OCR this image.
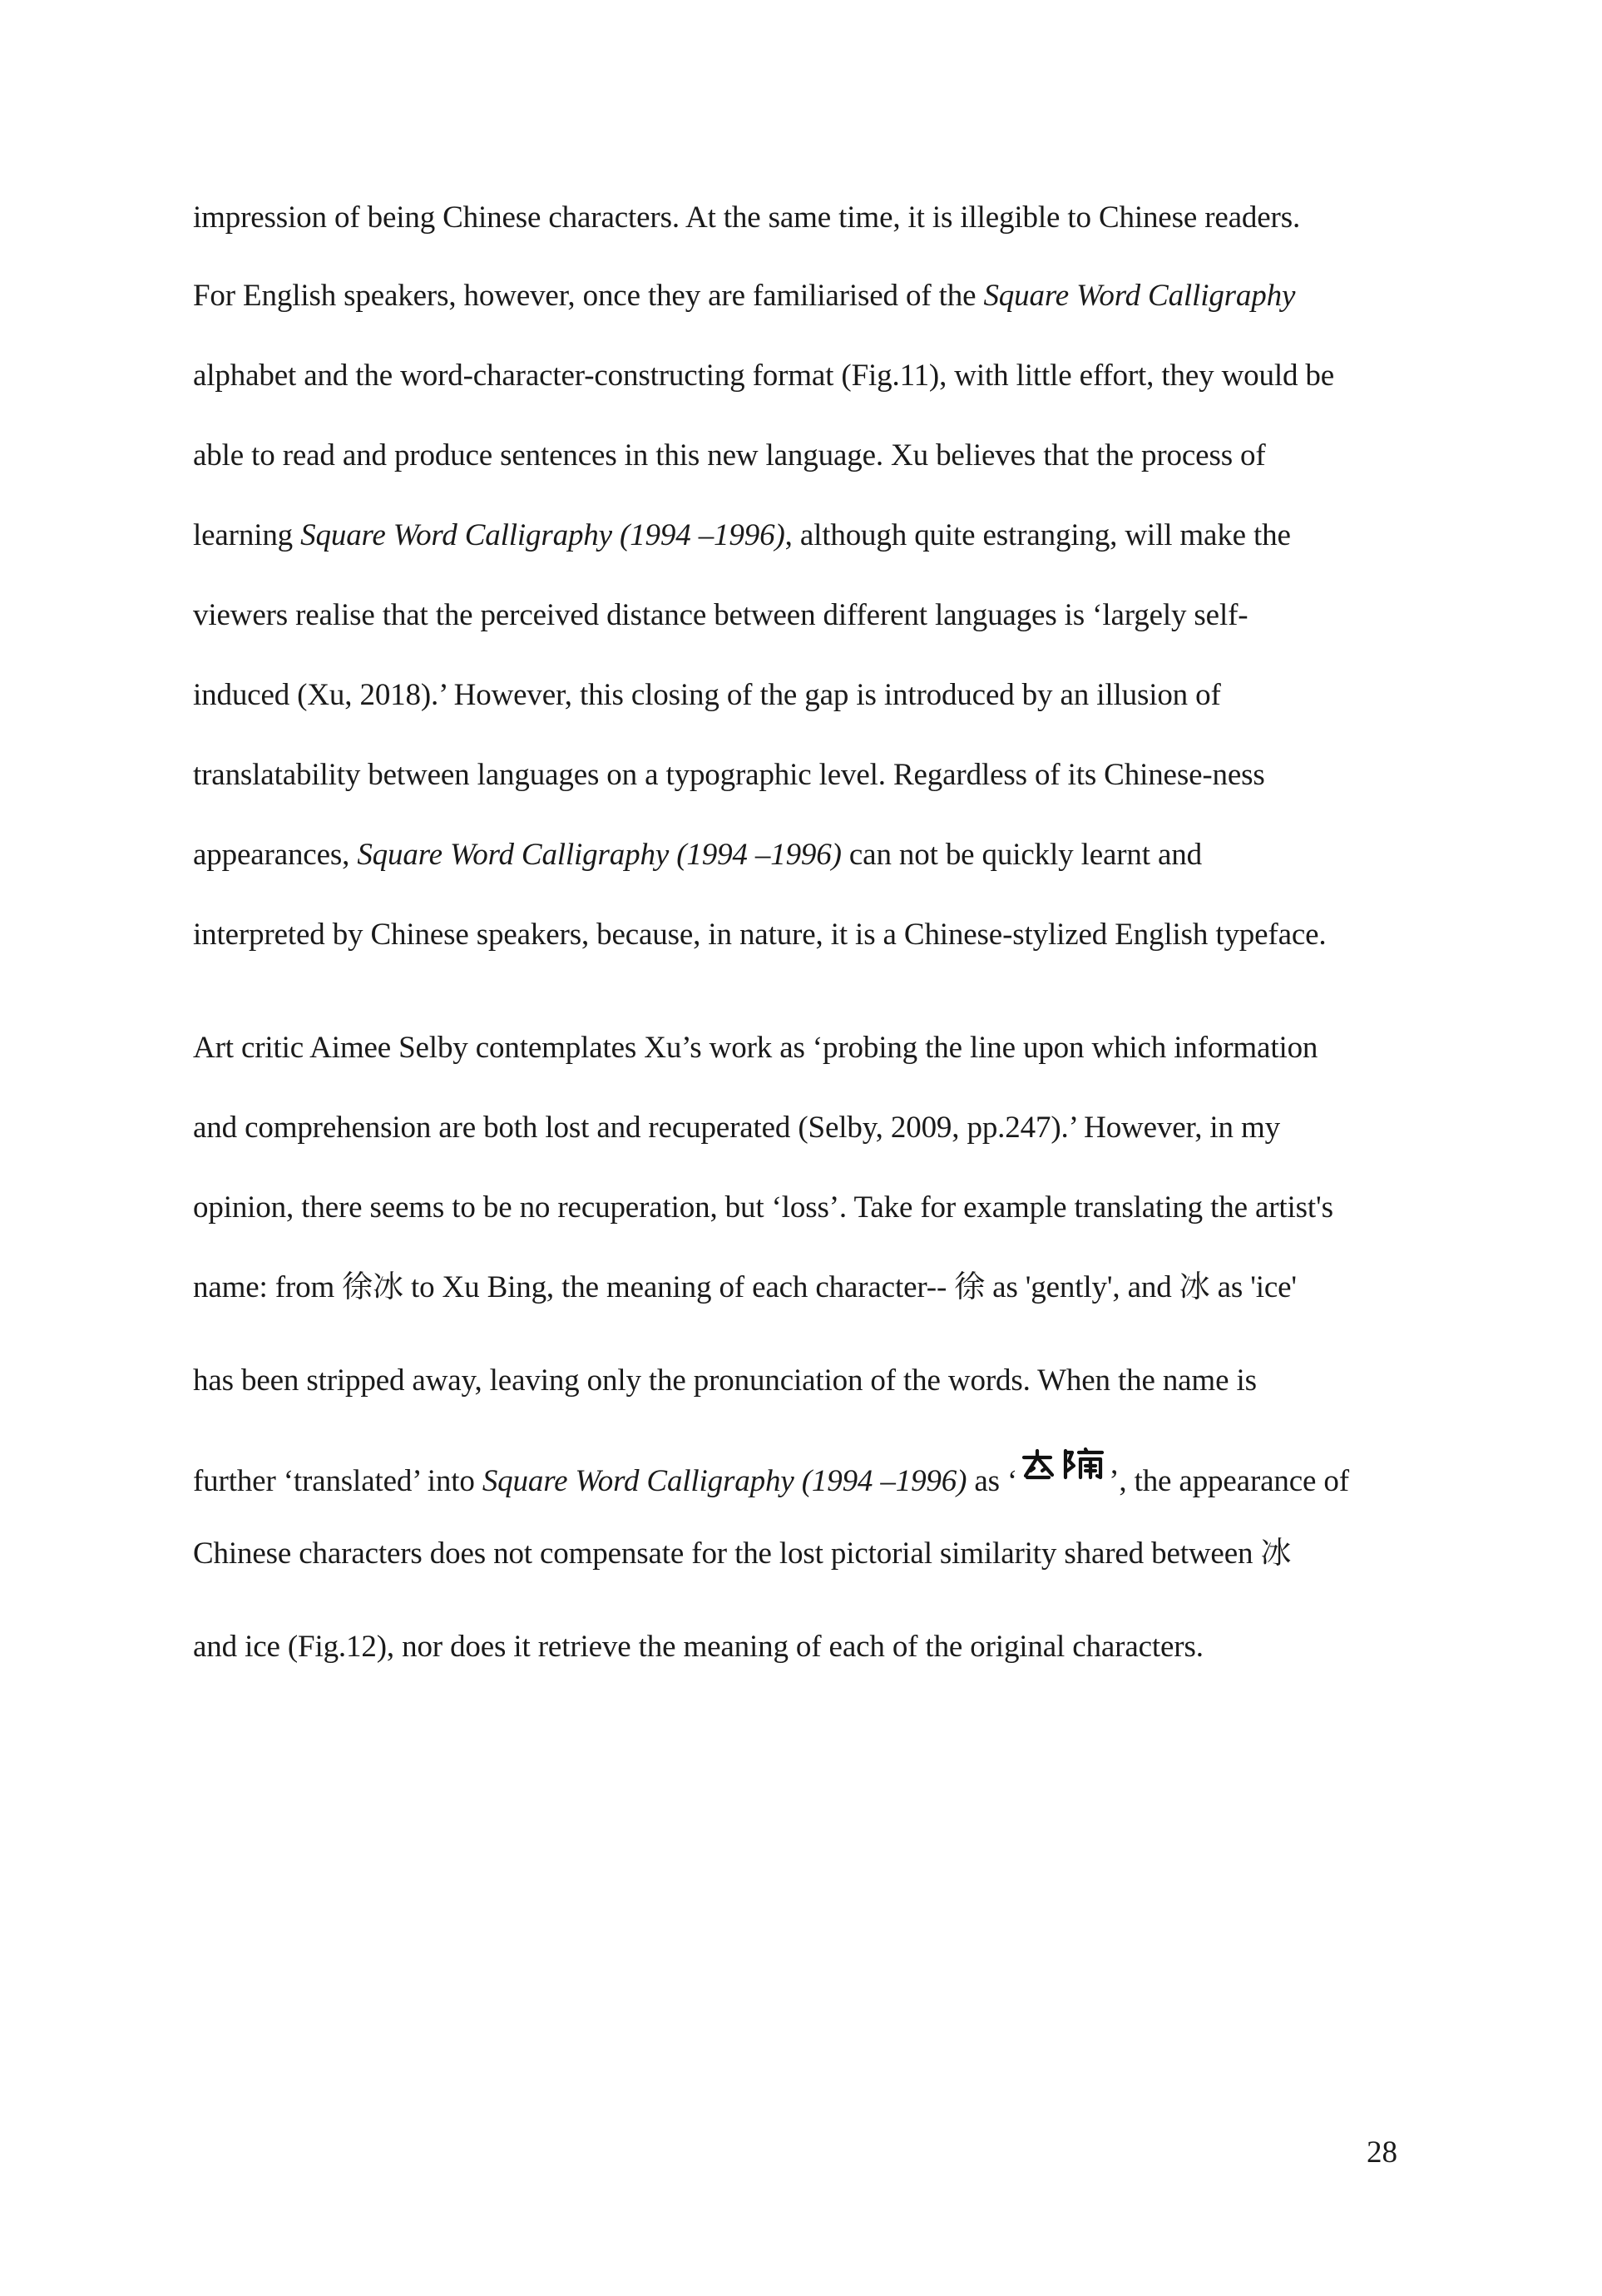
impression of being Chinese characters. At the same time, it is illegible to Chinese readers.
For English speakers, however, once they are familiarised of the Square Word Calligraphy
alphabet and the word-character-constructing format (Fig.11), with little effort, they would be
able to read and produce sentences in this new language. Xu believes that the process of
learning Square Word Calligraphy (1994 –1996), although quite estranging, will make the
viewers realise that the perceived distance between different languages is ‘largely self-
induced (Xu, 2018).’ However, this closing of the gap is introduced by an illusion of
translatability between languages on a typographic level. Regardless of its Chinese-ness
appearances, Square Word Calligraphy (1994 –1996) can not be quickly learnt and
interpreted by Chinese speakers, because, in nature, it is a Chinese-stylized English typeface.
Art critic Aimee Selby contemplates Xu’s work as ‘probing the line upon which information
and comprehension are both lost and recuperated (Selby, 2009, pp.247).’ However, in my
opinion, there seems to be no recuperation, but ‘loss’. Take for example translating the artist's
name: from 徐冰 to Xu Bing, the meaning of each character-- 徐 as 'gently', and 冰 as 'ice'
has been stripped away, leaving only the pronunciation of the words. When the name is
further ‘translated’ into Square Word Calligraphy (1994 –1996) as ‘	’, the appearance of
Chinese characters does not compensate for the lost pictorial similarity shared between 冰
and ice (Fig.12), nor does it retrieve the meaning of each of the original characters.
28
